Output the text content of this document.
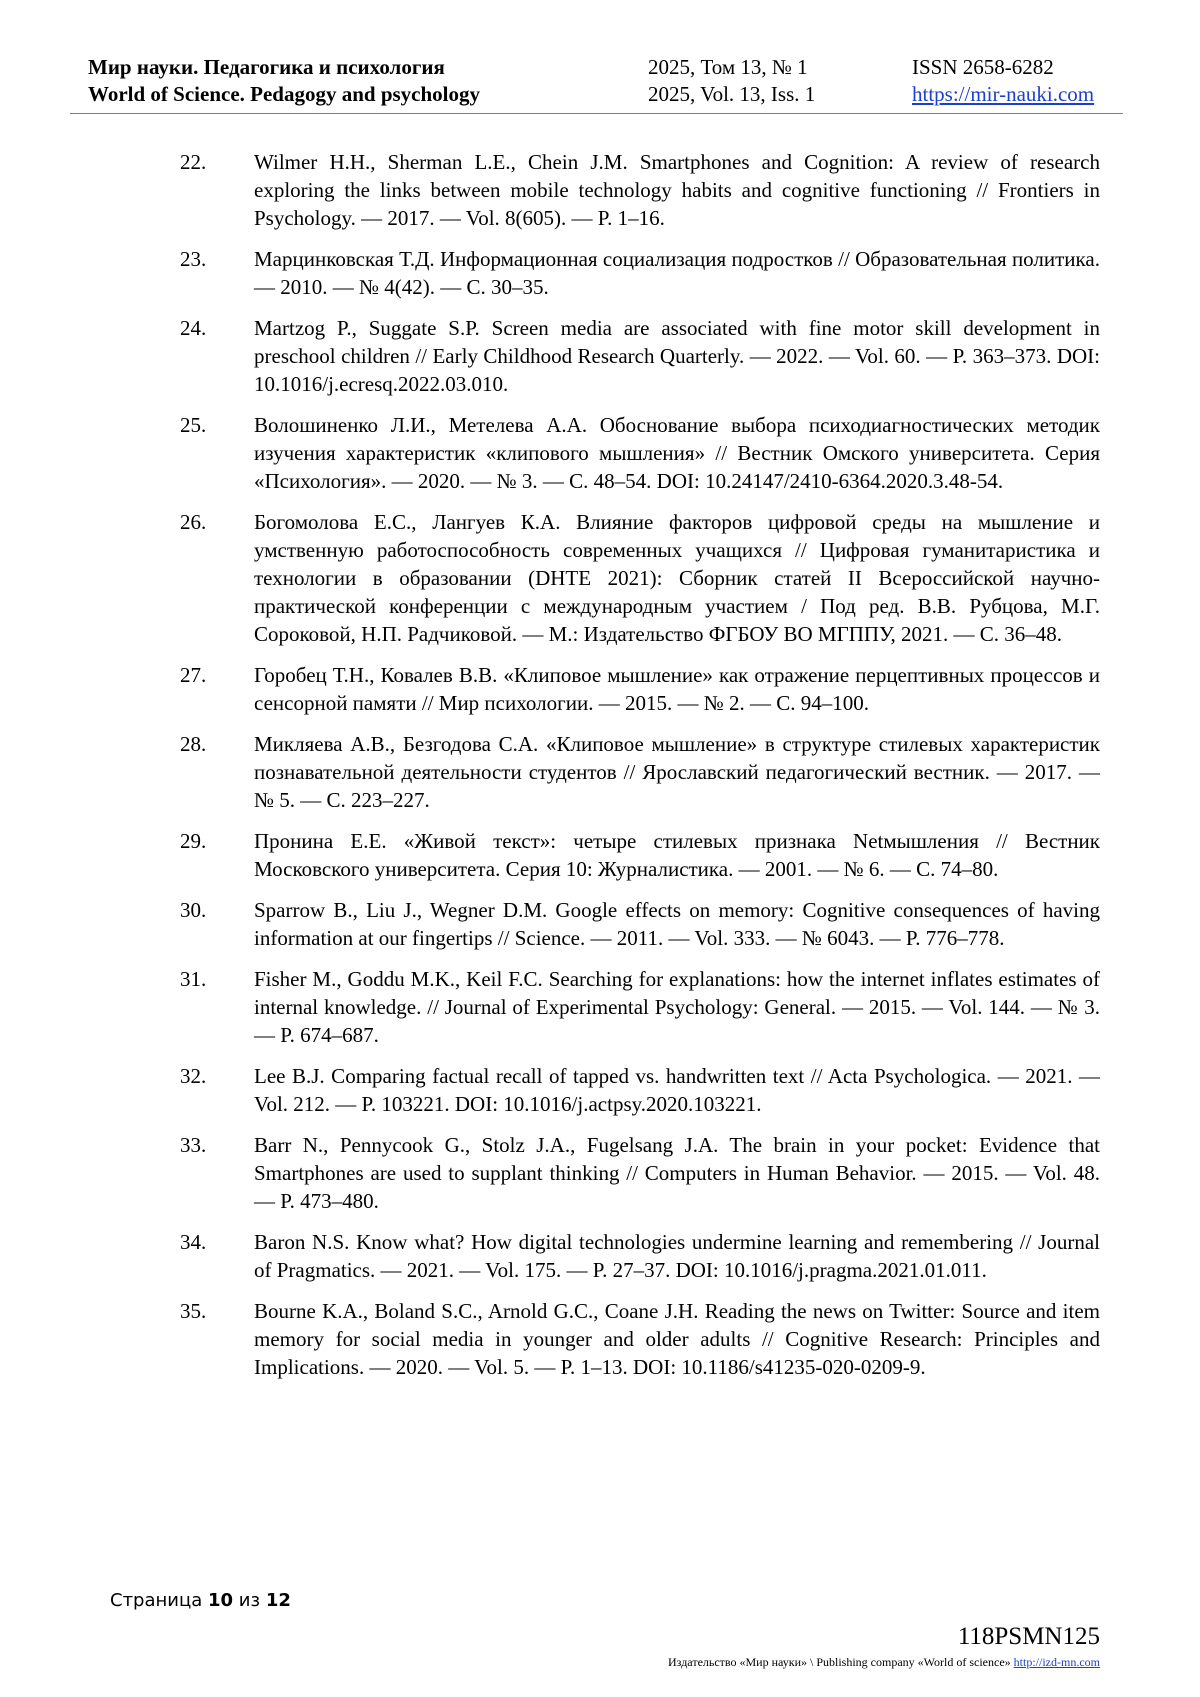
Мир науки. Педагогика и психология
World of Science. Pedagogy and psychology
2025, Том 13, № 1
2025, Vol. 13, Iss. 1
ISSN 2658-6282
https://mir-nauki.com
22.	Wilmer H.H., Sherman L.E., Chein J.M. Smartphones and Cognition: A review of research exploring the links between mobile technology habits and cognitive functioning // Frontiers in Psychology. — 2017. — Vol. 8(605). — P. 1–16.
23.	Марцинковская Т.Д. Информационная социализация подростков // Образовательная политика. — 2010. — № 4(42). — С. 30–35.
24.	Martzog P., Suggate S.P. Screen media are associated with fine motor skill development in preschool children // Early Childhood Research Quarterly. — 2022. — Vol. 60. — P. 363–373. DOI: 10.1016/j.ecresq.2022.03.010.
25.	Волошиненко Л.И., Метелева А.А. Обоснование выбора психодиагностических методик изучения характеристик «клипового мышления» // Вестник Омского университета. Серия «Психология». — 2020. — № 3. — С. 48–54. DOI: 10.24147/2410-6364.2020.3.48-54.
26.	Богомолова Е.С., Лангуев К.А. Влияние факторов цифровой среды на мышление и умственную работоспособность современных учащихся // Цифровая гуманитаристика и технологии в образовании (DHTE 2021): Сборник статей II Всероссийской научно-практической конференции с международным участием / Под ред. В.В. Рубцова, М.Г. Сороковой, Н.П. Радчиковой. — М.: Издательство ФГБОУ ВО МГППУ, 2021. — С. 36–48.
27.	Горобец Т.Н., Ковалев В.В. «Клиповое мышление» как отражение перцептивных процессов и сенсорной памяти // Мир психологии. — 2015. — № 2. — С. 94–100.
28.	Микляева А.В., Безгодова С.А. «Клиповое мышление» в структуре стилевых характеристик познавательной деятельности студентов // Ярославский педагогический вестник. — 2017. — № 5. — С. 223–227.
29.	Пронина Е.Е. «Живой текст»: четыре стилевых признака Netмышления // Вестник Московского университета. Серия 10: Журналистика. — 2001. — № 6. — С. 74–80.
30.	Sparrow B., Liu J., Wegner D.M. Google effects on memory: Cognitive consequences of having information at our fingertips // Science. — 2011. — Vol. 333. — № 6043. — P. 776–778.
31.	Fisher M., Goddu M.K., Keil F.C. Searching for explanations: how the internet inflates estimates of internal knowledge. // Journal of Experimental Psychology: General. — 2015. — Vol. 144. — № 3. — P. 674–687.
32.	Lee B.J. Comparing factual recall of tapped vs. handwritten text // Acta Psychologica. — 2021. — Vol. 212. — P. 103221. DOI: 10.1016/j.actpsy.2020.103221.
33.	Barr N., Pennycook G., Stolz J.A., Fugelsang J.A. The brain in your pocket: Evidence that Smartphones are used to supplant thinking // Computers in Human Behavior. — 2015. — Vol. 48. — P. 473–480.
34.	Baron N.S. Know what? How digital technologies undermine learning and remembering // Journal of Pragmatics. — 2021. — Vol. 175. — P. 27–37. DOI: 10.1016/j.pragma.2021.01.011.
35.	Bourne K.A., Boland S.C., Arnold G.C., Coane J.H. Reading the news on Twitter: Source and item memory for social media in younger and older adults // Cognitive Research: Principles and Implications. — 2020. — Vol. 5. — P. 1–13. DOI: 10.1186/s41235-020-0209-9.
Страница 10 из 12
118PSMN125
Издательство «Мир науки» \ Publishing company «World of science» http://izd-mn.com
